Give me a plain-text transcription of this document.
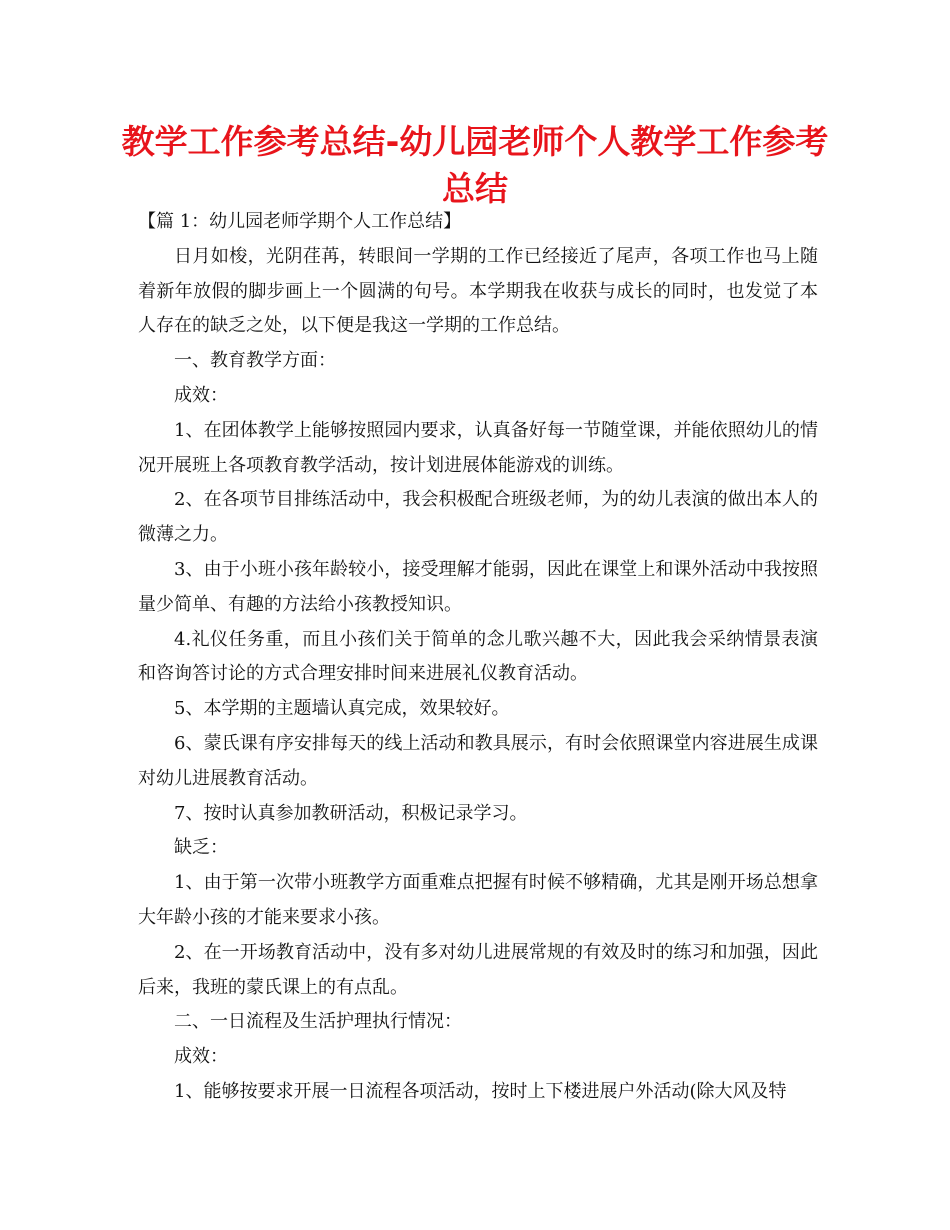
教学工作参考总结-幼儿园老师个人教学工作参考总结

【篇 1：幼儿园老师学期个人工作总结】

日月如梭，光阴荏苒，转眼间一学期的工作已经接近了尾声，各项工作也马上随着新年放假的脚步画上一个圆满的句号。本学期我在收获与成长的同时，也发觉了本人存在的缺乏之处，以下便是我这一学期的工作总结。

一、教育教学方面：

成效：

1、在团体教学上能够按照园内要求，认真备好每一节随堂课，并能依照幼儿的情况开展班上各项教育教学活动，按计划进展体能游戏的训练。

2、在各项节目排练活动中，我会积极配合班级老师，为的幼儿表演的做出本人的微薄之力。

3、由于小班小孩年龄较小，接受理解才能弱，因此在课堂上和课外活动中我按照量少简单、有趣的方法给小孩教授知识。

4.礼仪任务重，而且小孩们关于简单的念儿歌兴趣不大，因此我会采纳情景表演和咨询答讨论的方式合理安排时间来进展礼仪教育活动。

5、本学期的主题墙认真完成，效果较好。

6、蒙氏课有序安排每天的线上活动和教具展示，有时会依照课堂内容进展生成课对幼儿进展教育活动。

7、按时认真参加教研活动，积极记录学习。

缺乏：

1、由于第一次带小班教学方面重难点把握有时候不够精确，尤其是刚开场总想拿大年龄小孩的才能来要求小孩。

2、在一开场教育活动中，没有多对幼儿进展常规的有效及时的练习和加强，因此后来，我班的蒙氏课上的有点乱。

二、一日流程及生活护理执行情况：

成效：

1、能够按要求开展一日流程各项活动，按时上下楼进展户外活动(除大风及特
